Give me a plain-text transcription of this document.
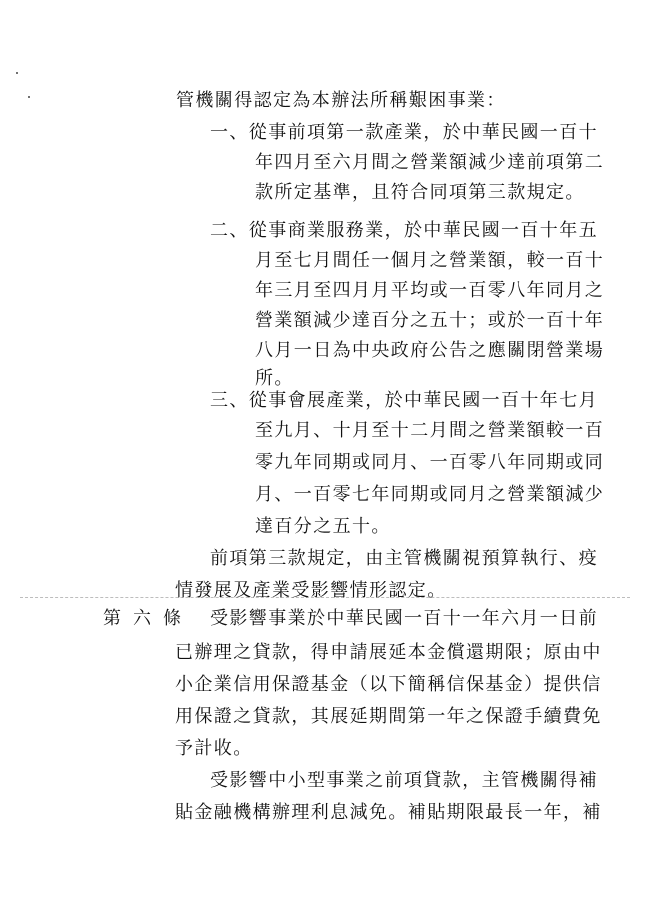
管機關得認定為本辦法所稱艱困事業：
一、從事前項第一款產業，於中華民國一百十
年四月至六月間之營業額減少達前項第二
款所定基準，且符合同項第三款規定。
二、從事商業服務業，於中華民國一百十年五
月至七月間任一個月之營業額，較一百十
年三月至四月月平均或一百零八年同月之
營業額減少達百分之五十；或於一百十年
八月一日為中央政府公告之應關閉營業場
所。
三、從事會展產業，於中華民國一百十年七月
至九月、十月至十二月間之營業額較一百
零九年同期或同月、一百零八年同期或同
月、一百零七年同期或同月之營業額減少
達百分之五十。
第 六 條 受影響事業於中華民國一百十一年六月一日前
已辦理之貸款，得申請展延本金償還期限；原由中
小企業信用保證基金（以下簡稱信保基金）提供信
用保證之貸款，其展延期間第一年之保證手續費免
予計收。
受影響中小型事業之前項貸款，主管機關得補
貼金融機構辦理利息減免。補貼期限最長一年，補
前項第三款規定，由主管機關視預算執行、疫
情發展及產業受影響情形認定。
